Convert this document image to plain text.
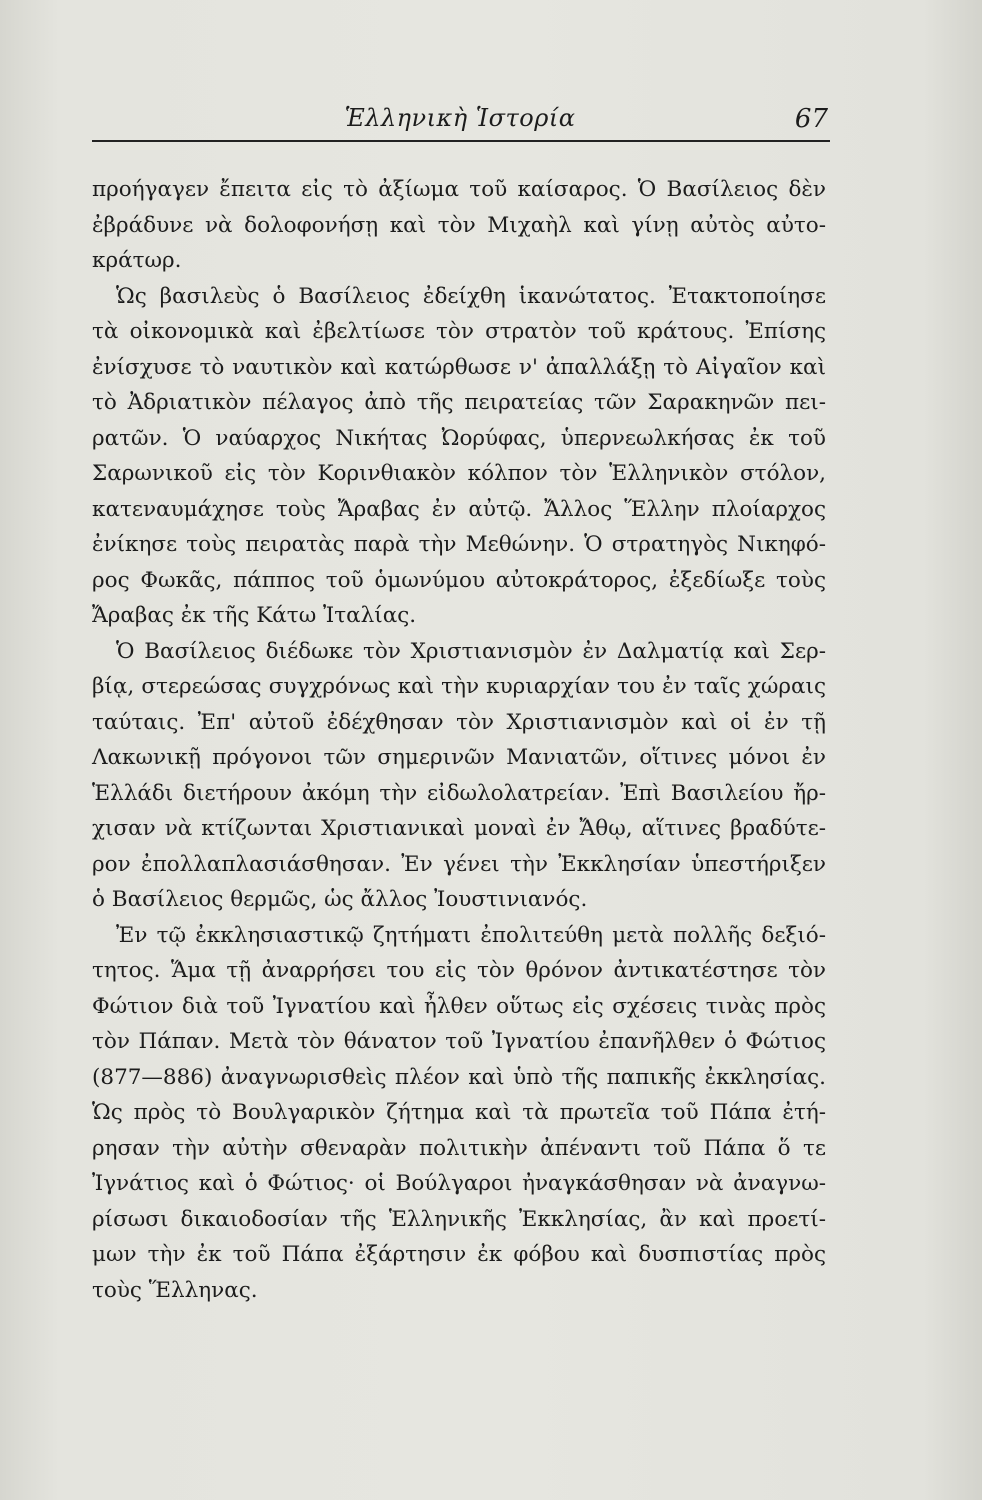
Ἑλληνικὴ Ἱστορία	67
προήγαγεν ἔπειτα εἰς τὸ ἀξίωμα τοῦ καίσαρος. Ὁ Βασίλειος δὲν
ἐβράδυνε νὰ δολοφονήσῃ καὶ τὸν Μιχαὴλ καὶ γίνῃ αὐτὸς αὐτο-
κράτωρ.
Ὡς βασιλεὺς ὁ Βασίλειος ἐδείχθη ἱκανώτατος. Ἐτακτοποίησε
τὰ οἰκονομικὰ καὶ ἐβελτίωσε τὸν στρατὸν τοῦ κράτους. Ἐπίσης
ἐνίσχυσε τὸ ναυτικὸν καὶ κατώρθωσε ν' ἀπαλλάξῃ τὸ Αἰγαῖον καὶ
τὸ Ἀδριατικὸν πέλαγος ἀπὸ τῆς πειρατείας τῶν Σαρακηνῶν πει-
ρατῶν. Ὁ ναύαρχος Νικήτας Ὠορύφας, ὑπερνεωλκήσας ἐκ τοῦ
Σαρωνικοῦ εἰς τὸν Κορινθιακὸν κόλπον τὸν Ἑλληνικὸν στόλον,
κατεναυμάχησε τοὺς Ἄραβας ἐν αὐτῷ. Ἄλλος Ἕλλην πλοίαρχος
ἐνίκησε τοὺς πειρατὰς παρὰ τὴν Μεθώνην. Ὁ στρατηγὸς Νικηφό-
ρος Φωκᾶς, πάππος τοῦ ὁμωνύμου αὐτοκράτορος, ἐξεδίωξε τοὺς
Ἄραβας ἐκ τῆς Κάτω Ἰταλίας.
Ὁ Βασίλειος διέδωκε τὸν Χριστιανισμὸν ἐν Δαλματίᾳ καὶ Σερ-
βίᾳ, στερεώσας συγχρόνως καὶ τὴν κυριαρχίαν του ἐν ταῖς χώραις
ταύταις. Ἐπ' αὐτοῦ ἐδέχθησαν τὸν Χριστιανισμὸν καὶ οἱ ἐν τῇ
Λακωνικῇ πρόγονοι τῶν σημερινῶν Μανιατῶν, οἵτινες μόνοι ἐν
Ἑλλάδι διετήρουν ἀκόμη τὴν εἰδωλολατρείαν. Ἐπὶ Βασιλείου ἤρ-
χισαν νὰ κτίζωνται Χριστιανικαὶ μοναὶ ἐν Ἄθῳ, αἵτινες βραδύτε-
ρον ἐπολλαπλασιάσθησαν. Ἐν γένει τὴν Ἐκκλησίαν ὑπεστήριξεν
ὁ Βασίλειος θερμῶς, ὡς ἄλλος Ἰουστινιανός.
Ἐν τῷ ἐκκλησιαστικῷ ζητήματι ἐπολιτεύθη μετὰ πολλῆς δεξιό-
τητος. Ἅμα τῇ ἀναρρήσει του εἰς τὸν θρόνον ἀντικατέστησε τὸν
Φώτιον διὰ τοῦ Ἰγνατίου καὶ ἦλθεν οὕτως εἰς σχέσεις τινὰς πρὸς
τὸν Πάπαν. Μετὰ τὸν θάνατον τοῦ Ἰγνατίου ἐπανῆλθεν ὁ Φώτιος
(877—886) ἀναγνωρισθεὶς πλέον καὶ ὑπὸ τῆς παπικῆς ἐκκλησίας.
Ὡς πρὸς τὸ Βουλγαρικὸν ζήτημα καὶ τὰ πρωτεῖα τοῦ Πάπα ἐτή-
ρησαν τὴν αὐτὴν σθεναρὰν πολιτικὴν ἀπέναντι τοῦ Πάπα ὅ τε
Ἰγνάτιος καὶ ὁ Φώτιος· οἱ Βούλγαροι ἠναγκάσθησαν νὰ ἀναγνω-
ρίσωσι δικαιοδοσίαν τῆς Ἑλληνικῆς Ἐκκλησίας, ἂν καὶ προετί-
μων τὴν ἐκ τοῦ Πάπα ἐξάρτησιν ἐκ φόβου καὶ δυσπιστίας πρὸς
τοὺς Ἕλληνας.
